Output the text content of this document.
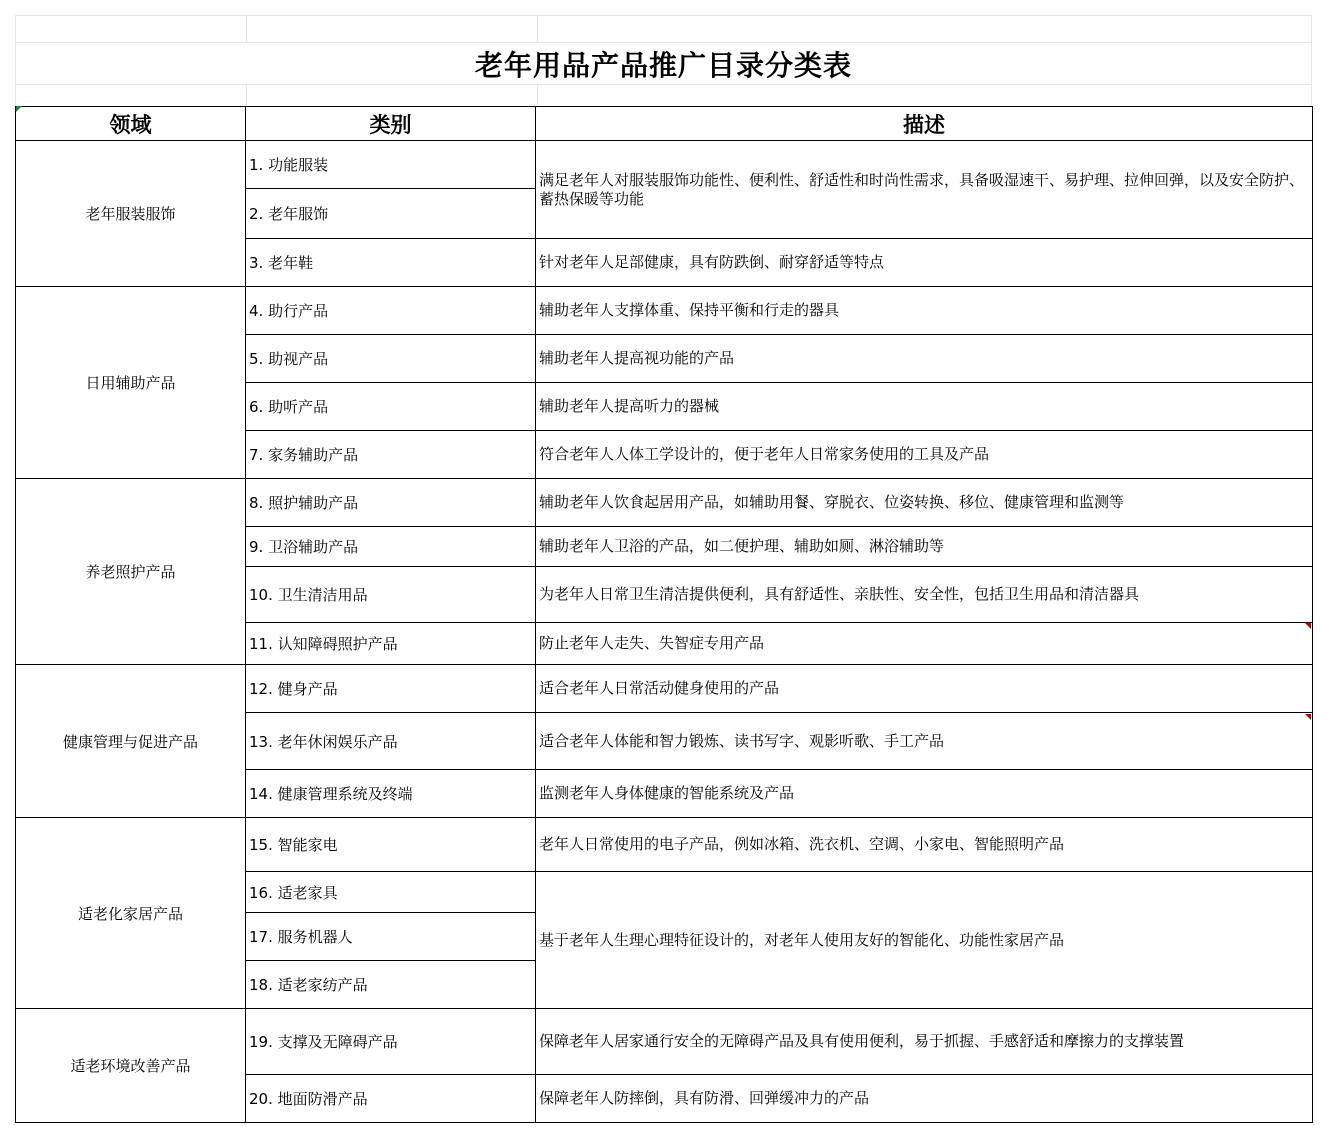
老年用品产品推广目录分类表
领域	类别	描述
老年服装服饰	1. 功能服装	满足老年人对服装服饰功能性、便利性、舒适性和时尚性需求，具备吸湿速干、易护理、拉伸回弹，以及安全防护、蓄热保暖等功能
	2. 老年服饰	
	3. 老年鞋	针对老年人足部健康，具有防跌倒、耐穿舒适等特点
日用辅助产品	4. 助行产品	辅助老年人支撑体重、保持平衡和行走的器具
	5. 助视产品	辅助老年人提高视功能的产品
	6. 助听产品	辅助老年人提高听力的器械
	7. 家务辅助产品	符合老年人人体工学设计的，便于老年人日常家务使用的工具及产品
养老照护产品	8. 照护辅助产品	辅助老年人饮食起居用产品，如辅助用餐、穿脱衣、位姿转换、移位、健康管理和监测等
	9. 卫浴辅助产品	辅助老年人卫浴的产品，如二便护理、辅助如厕、淋浴辅助等
	10. 卫生清洁用品	为老年人日常卫生清洁提供便利，具有舒适性、亲肤性、安全性，包括卫生用品和清洁器具
	11. 认知障碍照护产品	防止老年人走失、失智症专用产品
健康管理与促进产品	12. 健身产品	适合老年人日常活动健身使用的产品
	13. 老年休闲娱乐产品	适合老年人体能和智力锻炼、读书写字、观影听歌、手工产品
	14. 健康管理系统及终端	监测老年人身体健康的智能系统及产品
适老化家居产品	15. 智能家电	老年人日常使用的电子产品，例如冰箱、洗衣机、空调、小家电、智能照明产品
	16. 适老家具	基于老年人生理心理特征设计的，对老年人使用友好的智能化、功能性家居产品
	17. 服务机器人	
	18. 适老家纺产品	
适老环境改善产品	19. 支撑及无障碍产品	保障老年人居家通行安全的无障碍产品及具有使用便利，易于抓握、手感舒适和摩擦力的支撑装置
	20. 地面防滑产品	保障老年人防摔倒，具有防滑、回弹缓冲力的产品
